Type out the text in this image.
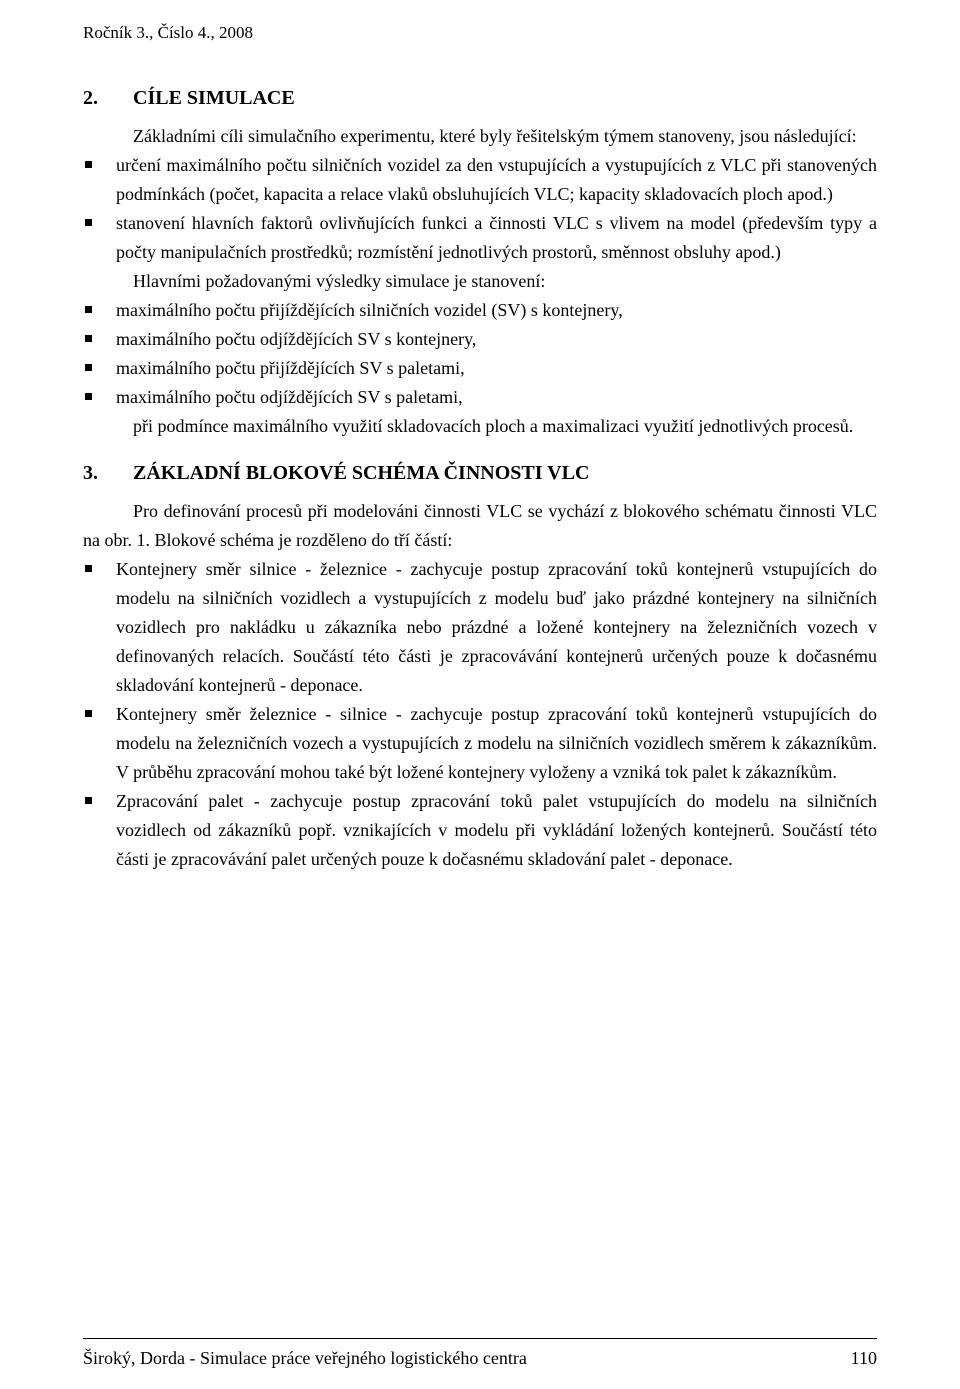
Ročník 3., Číslo 4., 2008
2.	CÍLE SIMULACE

Základními cíli simulačního experimentu, které byly řešitelským týmem stanoveny, jsou následující:

určení maximálního počtu silničních vozidel za den vstupujících a vystupujících z VLC při stanovených podmínkách (počet, kapacita a relace vlaků obsluhujících VLC; kapacity skladovacích ploch apod.)
stanovení hlavních faktorů ovlivňujících funkci a činnosti VLC s vlivem na model (především typy a počty manipulačních prostředků; rozmístění jednotlivých prostorů, směnnost obsluhy apod.)

Hlavními požadovanými výsledky simulace je stanovení:

maximálního počtu přijíždějících silničních vozidel (SV) s kontejnery,
maximálního počtu odjíždějících SV s kontejnery,
maximálního počtu přijíždějících SV s paletami,
maximálního počtu odjíždějících SV s paletami,

při podmínce maximálního využití skladovacích ploch a maximalizaci využití jednotlivých procesů.

3.	ZÁKLADNÍ BLOKOVÉ SCHÉMA ČINNOSTI VLC

Pro definování procesů při modelováni činnosti VLC se vychází z blokového schématu činnosti VLC na obr. 1. Blokové schéma je rozděleno do tří částí:

Kontejnery směr silnice - železnice - zachycuje postup zpracování toků kontejnerů vstupujících do modelu na silničních vozidlech a vystupujících z modelu buď jako prázdné kontejnery na silničních vozidlech pro nakládku u zákazníka nebo prázdné a ložené kontejnery na železničních vozech v definovaných relacích. Součástí této části je zpracovávání kontejnerů určených pouze k dočasnému skladování kontejnerů - deponace.
Kontejnery směr železnice - silnice - zachycuje postup zpracování toků kontejnerů vstupujících do modelu na železničních vozech a vystupujících z modelu na silničních vozidlech směrem k zákazníkům. V průběhu zpracování mohou také být ložené kontejnery vyloženy a vzniká tok palet k zákazníkům.
Zpracování palet - zachycuje postup zpracování toků palet vstupujících do modelu na silničních vozidlech od zákazníků popř. vznikajících v modelu při vykládání ložených kontejnerů. Součástí této části je zpracovávání palet určených pouze k dočasnému skladování palet - deponace.
Široký, Dorda - Simulace práce veřejného logistického centra	110
